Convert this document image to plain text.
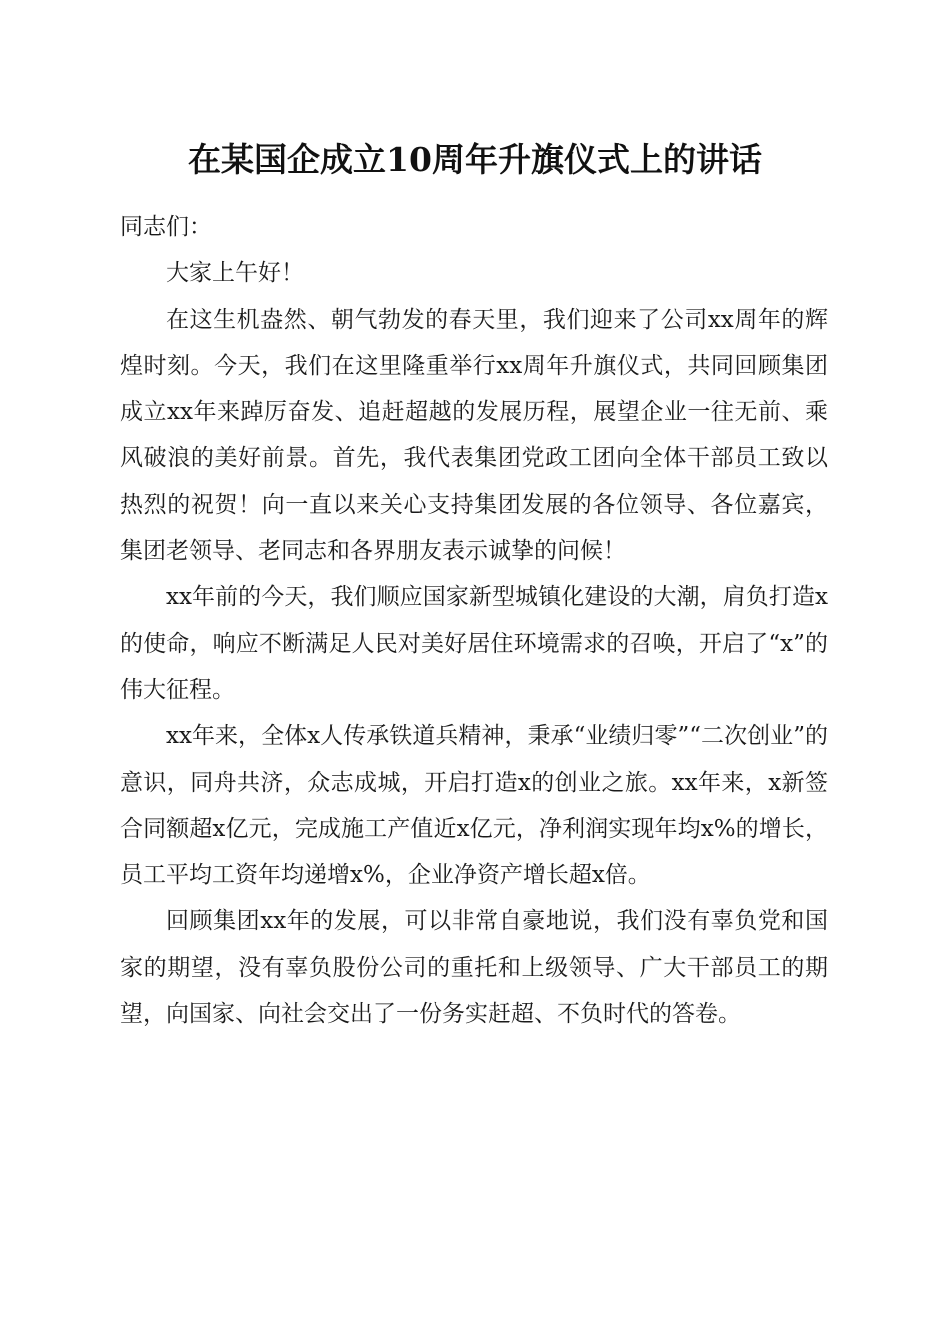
在某国企成立10周年升旗仪式上的讲话

同志们：

大家上午好！

在这生机盎然、朝气勃发的春天里，我们迎来了公司xx周年的辉煌时刻。今天，我们在这里隆重举行xx周年升旗仪式，共同回顾集团成立xx年来踔厉奋发、追赶超越的发展历程，展望企业一往无前、乘风破浪的美好前景。首先，我代表集团党政工团向全体干部员工致以热烈的祝贺！向一直以来关心支持集团发展的各位领导、各位嘉宾，集团老领导、老同志和各界朋友表示诚挚的问候！

xx年前的今天，我们顺应国家新型城镇化建设的大潮，肩负打造x的使命，响应不断满足人民对美好居住环境需求的召唤，开启了“x”的伟大征程。

xx年来，全体x人传承铁道兵精神，秉承“业绩归零”“二次创业”的意识，同舟共济，众志成城，开启打造x的创业之旅。xx年来，x新签合同额超x亿元，完成施工产值近x亿元，净利润实现年均x%的增长，员工平均工资年均递增x%，企业净资产增长超x倍。

回顾集团xx年的发展，可以非常自豪地说，我们没有辜负党和国家的期望，没有辜负股份公司的重托和上级领导、广大干部员工的期望，向国家、向社会交出了一份务实赶超、不负时代的答卷。
